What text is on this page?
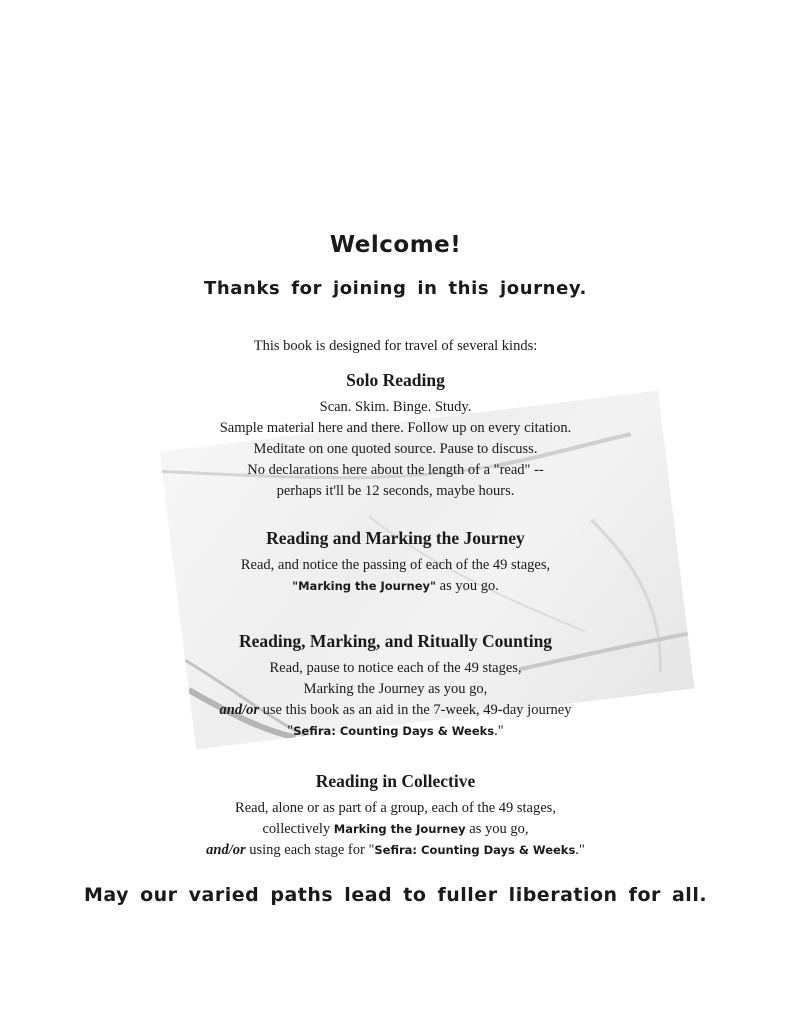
Welcome!
Thanks for joining in this journey.
This book is designed for travel of several kinds:
Solo Reading
Scan. Skim. Binge. Study.
Sample material here and there. Follow up on every citation.
Meditate on one quoted source. Pause to discuss.
No declarations here about the length of a "read" --
perhaps it'll be 12 seconds, maybe hours.
Reading and Marking the Journey
Read, and notice the passing of each of the 49 stages,
"Marking the Journey" as you go.
Reading, Marking, and Ritually Counting
Read, pause to notice each of the 49 stages,
Marking the Journey as you go,
and/or use this book as an aid in the 7-week, 49-day journey
"Sefira: Counting Days & Weeks."
Reading in Collective
Read, alone or as part of a group, each of the 49 stages,
collectively Marking the Journey as you go,
and/or using each stage for "Sefira: Counting Days & Weeks."
May our varied paths lead to fuller liberation for all.
